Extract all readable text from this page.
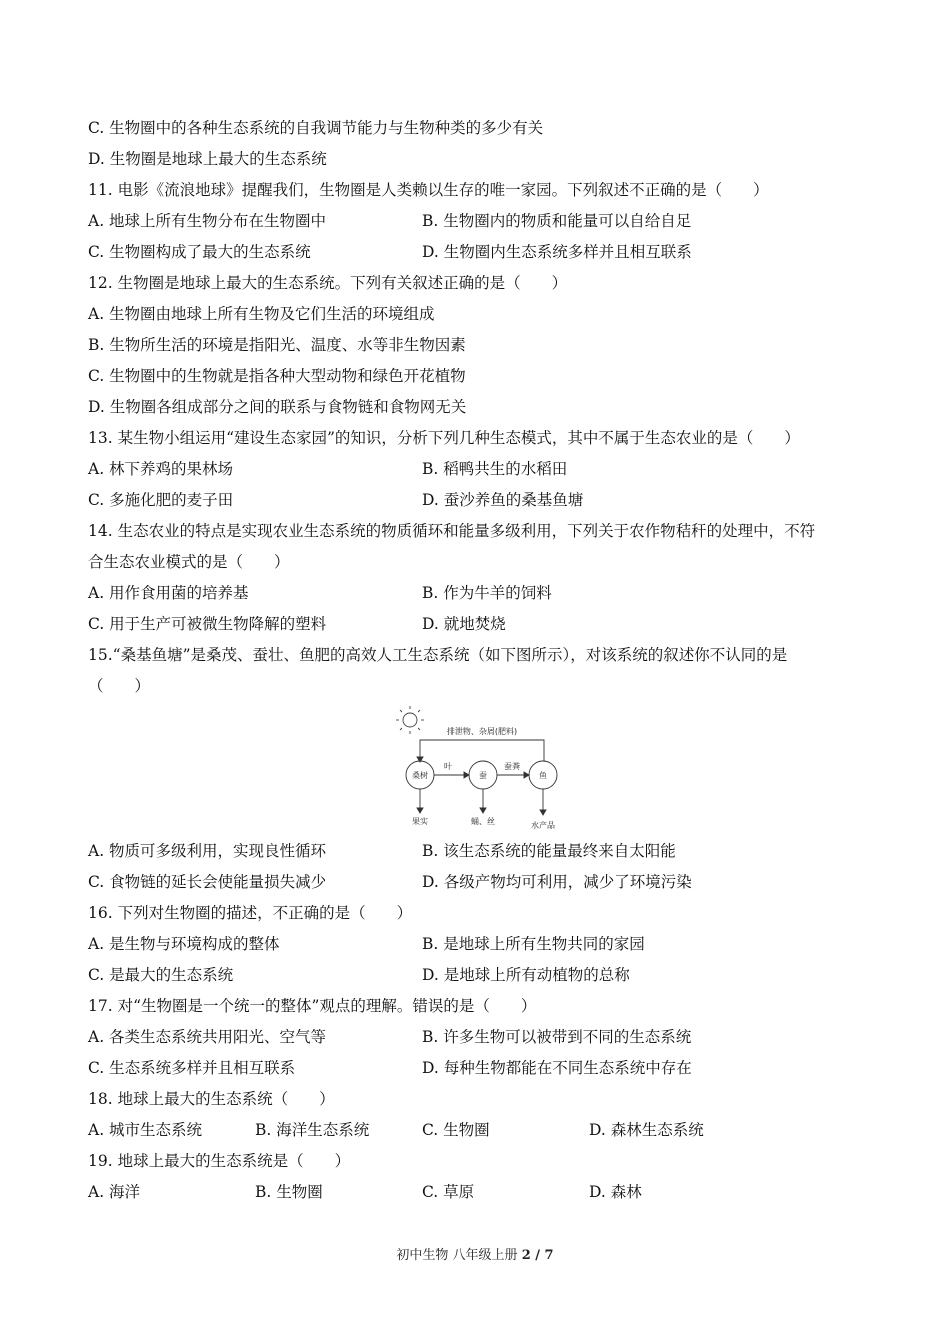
C. 生物圈中的各种生态系统的自我调节能力与生物种类的多少有关
D. 生物圈是地球上最大的生态系统
11. 电影《流浪地球》提醒我们，生物圈是人类赖以生存的唯一家园。下列叙述不正确的是（　　）
A. 地球上所有生物分布在生物圈中	B. 生物圈内的物质和能量可以自给自足
C. 生物圈构成了最大的生态系统	D. 生物圈内生态系统多样并且相互联系
12. 生物圈是地球上最大的生态系统。下列有关叙述正确的是（　　）
A. 生物圈由地球上所有生物及它们生活的环境组成
B. 生物所生活的环境是指阳光、温度、水等非生物因素
C. 生物圈中的生物就是指各种大型动物和绿色开花植物
D. 生物圈各组成部分之间的联系与食物链和食物网无关
13. 某生物小组运用“建设生态家园”的知识，分析下列几种生态模式，其中不属于生态农业的是（　　）
A. 林下养鸡的果林场	B. 稻鸭共生的水稻田
C. 多施化肥的麦子田	D. 蚕沙养鱼的桑基鱼塘
14. 生态农业的特点是实现农业生态系统的物质循环和能量多级利用，下列关于农作物秸秆的处理中，不符
合生态农业模式的是（　　）
A. 用作食用菌的培养基	B. 作为牛羊的饲料
C. 用于生产可被微生物降解的塑料	D. 就地焚烧
15.“桑基鱼塘”是桑茂、蚕壮、鱼肥的高效人工生态系统（如下图所示），对该系统的叙述你不认同的是
（　　）
排泄物、杂屑(肥料)
桑树	蚕	鱼
叶	蚕粪
果实	蛹、丝	水产品
A. 物质可多级利用，实现良性循环	B. 该生态系统的能量最终来自太阳能
C. 食物链的延长会使能量损失减少	D. 各级产物均可利用，减少了环境污染
16. 下列对生物圈的描述，不正确的是（　　）
A. 是生物与环境构成的整体	B. 是地球上所有生物共同的家园
C. 是最大的生态系统	D. 是地球上所有动植物的总称
17. 对“生物圈是一个统一的整体”观点的理解。错误的是（　　）
A. 各类生态系统共用阳光、空气等	B. 许多生物可以被带到不同的生态系统
C. 生态系统多样并且相互联系	D. 每种生物都能在不同生态系统中存在
18. 地球上最大的生态系统（　　）
A. 城市生态系统	B. 海洋生态系统	C. 生物圈	D. 森林生态系统
19. 地球上最大的生态系统是（　　）
A. 海洋	B. 生物圈	C. 草原	D. 森林
初中生物 八年级上册 2 / 7
